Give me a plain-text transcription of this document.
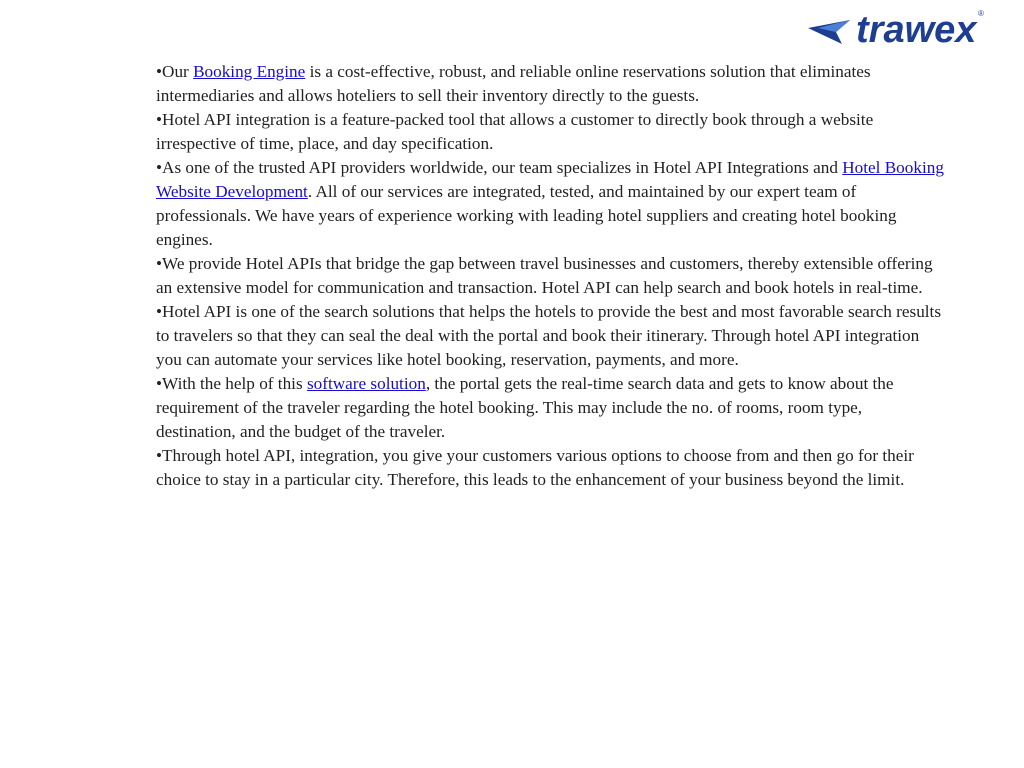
trawex ®

•Our Booking Engine is a cost-effective, robust, and reliable online reservations solution that eliminates intermediaries and allows hoteliers to sell their inventory directly to the guests.

•Hotel API integration is a feature-packed tool that allows a customer to directly book through a website irrespective of time, place, and day specification.

•As one of the trusted API providers worldwide, our team specializes in Hotel API Integrations and Hotel Booking Website Development. All of our services are integrated, tested, and maintained by our expert team of professionals. We have years of experience working with leading hotel suppliers and creating hotel booking engines.

•We provide Hotel APIs that bridge the gap between travel businesses and customers, thereby extensible offering an extensive model for communication and transaction. Hotel API can help search and book hotels in real-time.

•Hotel API is one of the search solutions that helps the hotels to provide the best and most favorable search results to travelers so that they can seal the deal with the portal and book their itinerary. Through hotel API integration you can automate your services like hotel booking, reservation, payments, and more.

•With the help of this software solution, the portal gets the real-time search data and gets to know about the requirement of the traveler regarding the hotel booking. This may include the no. of rooms, room type, destination, and the budget of the traveler.

•Through hotel API, integration, you give your customers various options to choose from and then go for their choice to stay in a particular city. Therefore, this leads to the enhancement of your business beyond the limit.
